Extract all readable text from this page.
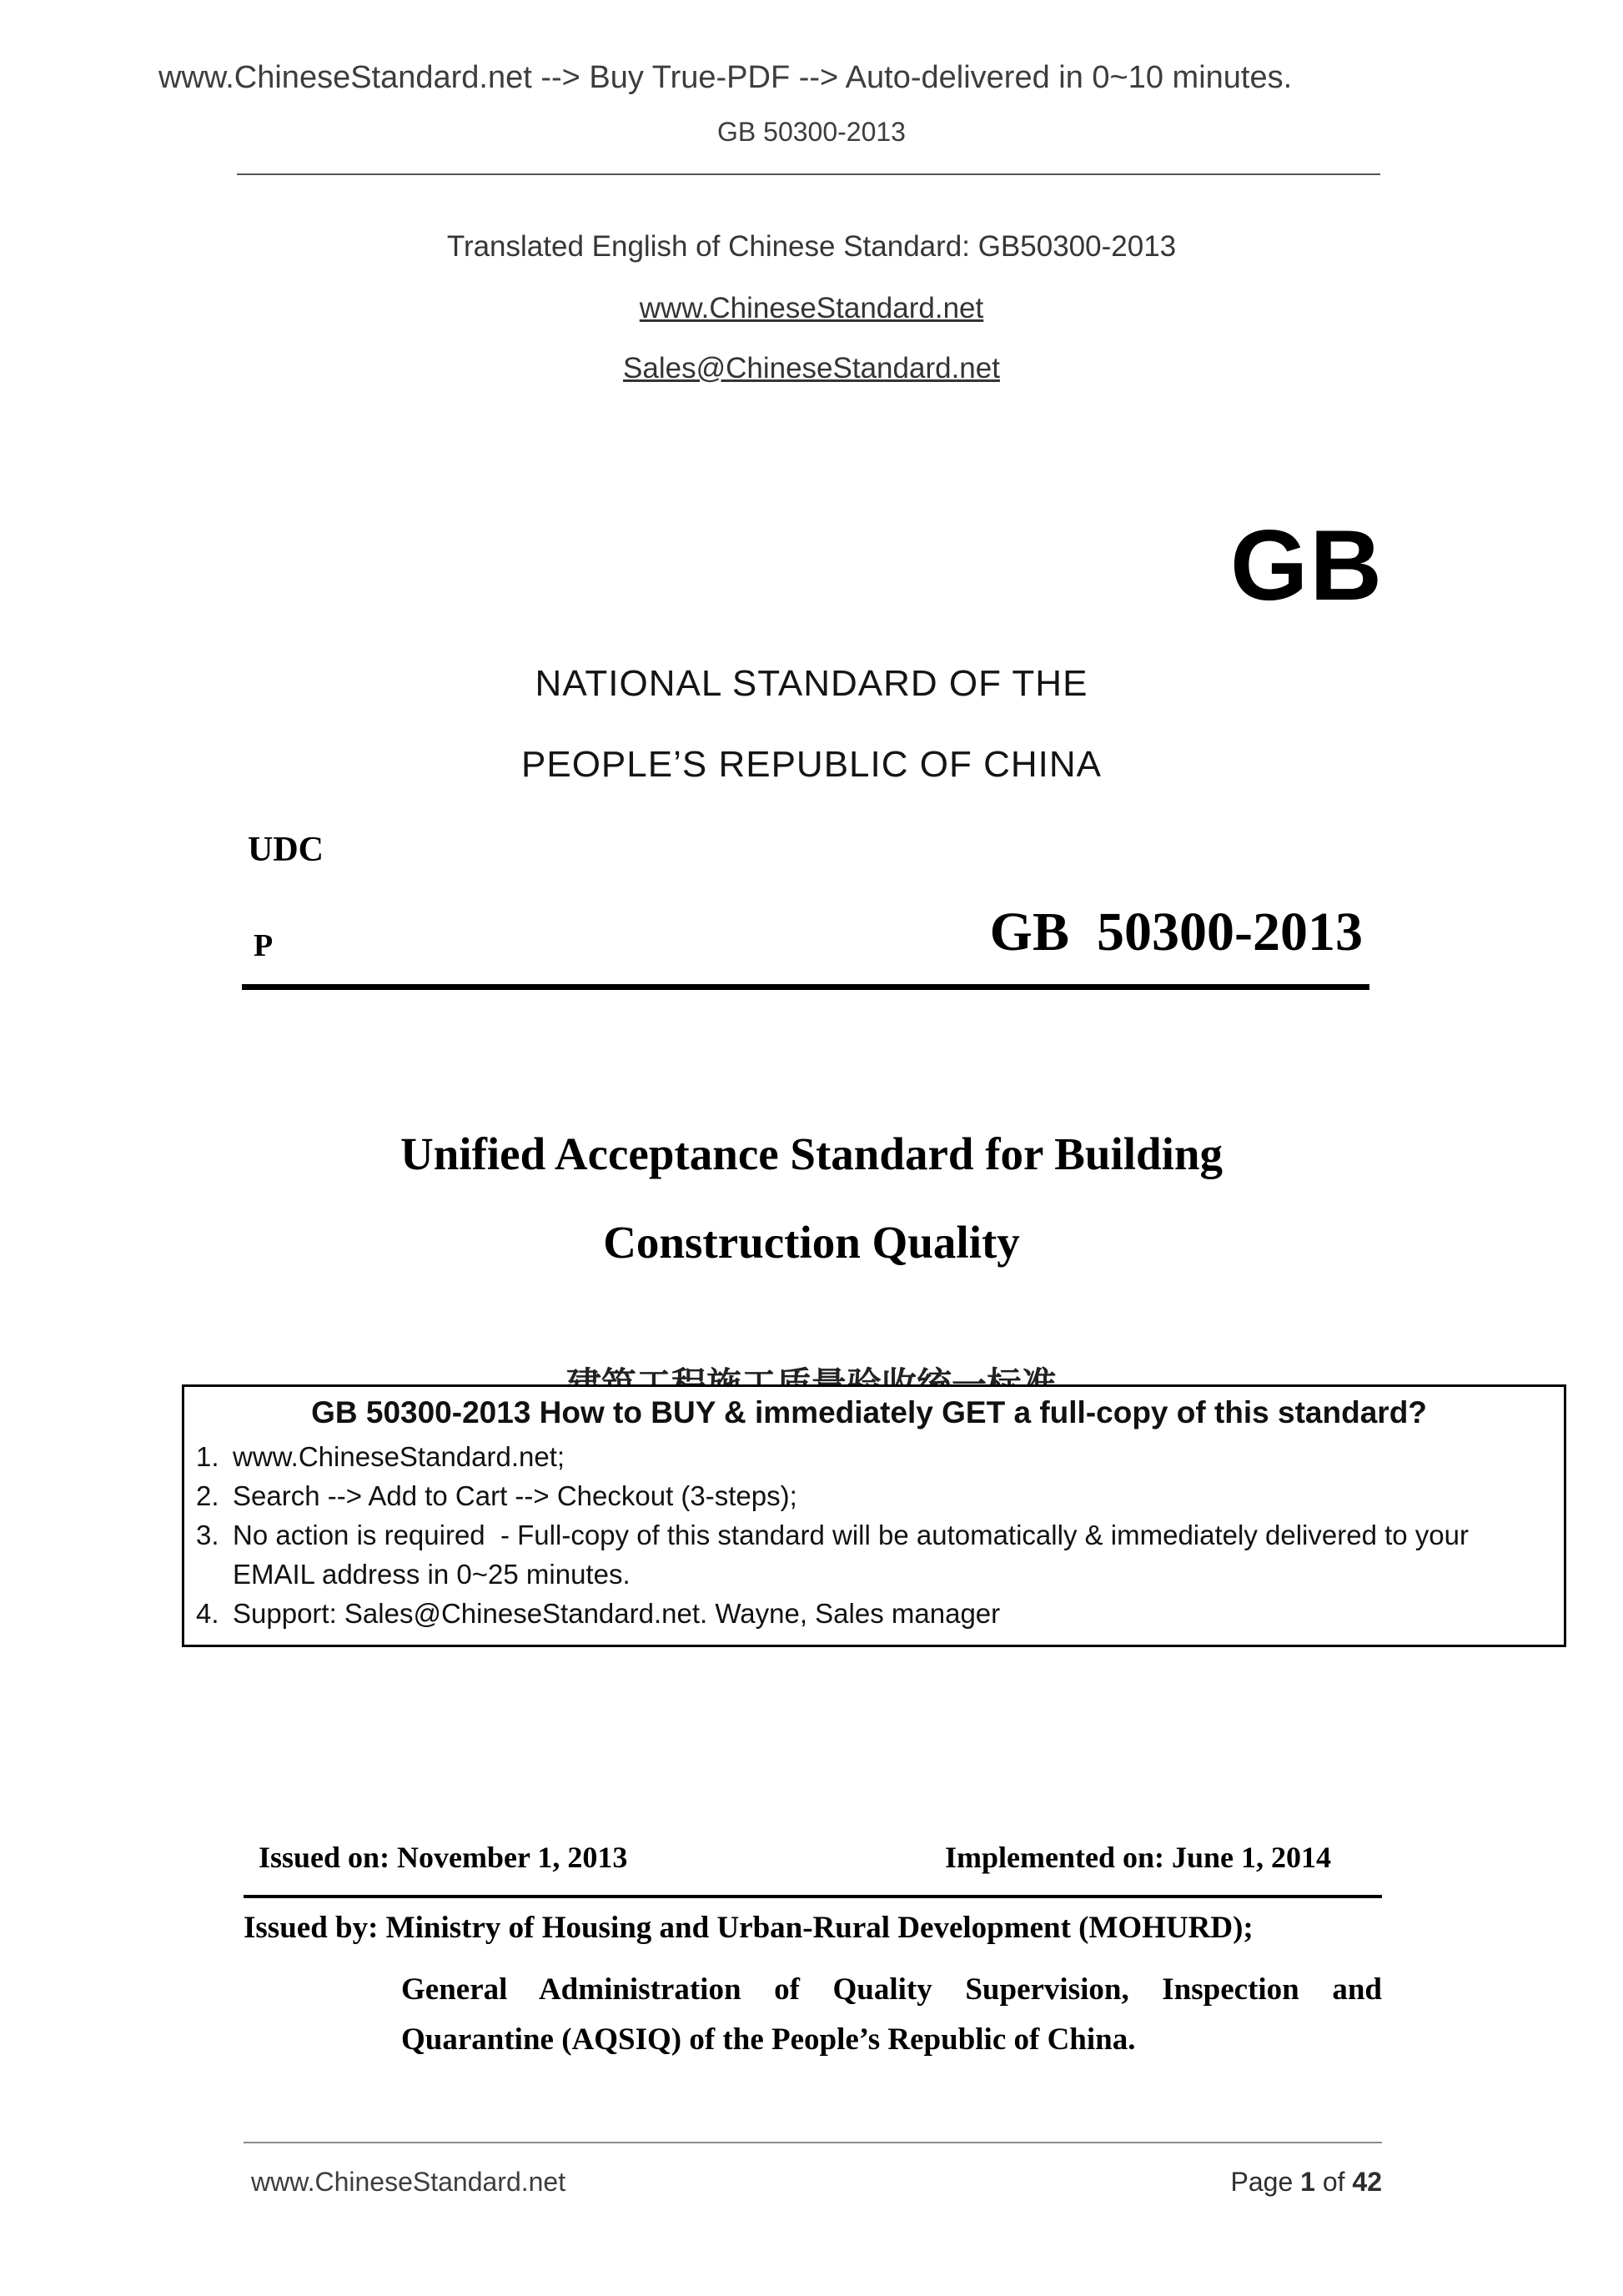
www.ChineseStandard.net --> Buy True-PDF --> Auto-delivered in 0~10 minutes.
GB 50300-2013
Translated English of Chinese Standard: GB50300-2013
www.ChineseStandard.net
Sales@ChineseStandard.net
GB
NATIONAL STANDARD OF THE
PEOPLE’S REPUBLIC OF CHINA
UDC
P	GB  50300-2013
Unified Acceptance Standard for Building
Construction Quality
GB 50300-2013 How to BUY & immediately GET a full-copy of this standard?
1. www.ChineseStandard.net;
2. Search --> Add to Cart --> Checkout (3-steps);
3. No action is required  - Full-copy of this standard will be automatically & immediately delivered to your EMAIL address in 0~25 minutes.
4. Support: Sales@ChineseStandard.net. Wayne, Sales manager
Issued on: November 1, 2013	Implemented on: June 1, 2014
Issued by: Ministry of Housing and Urban-Rural Development (MOHURD);
General Administration of Quality Supervision, Inspection and
Quarantine (AQSIQ) of the People’s Republic of China.
www.ChineseStandard.net	Page 1 of 42
